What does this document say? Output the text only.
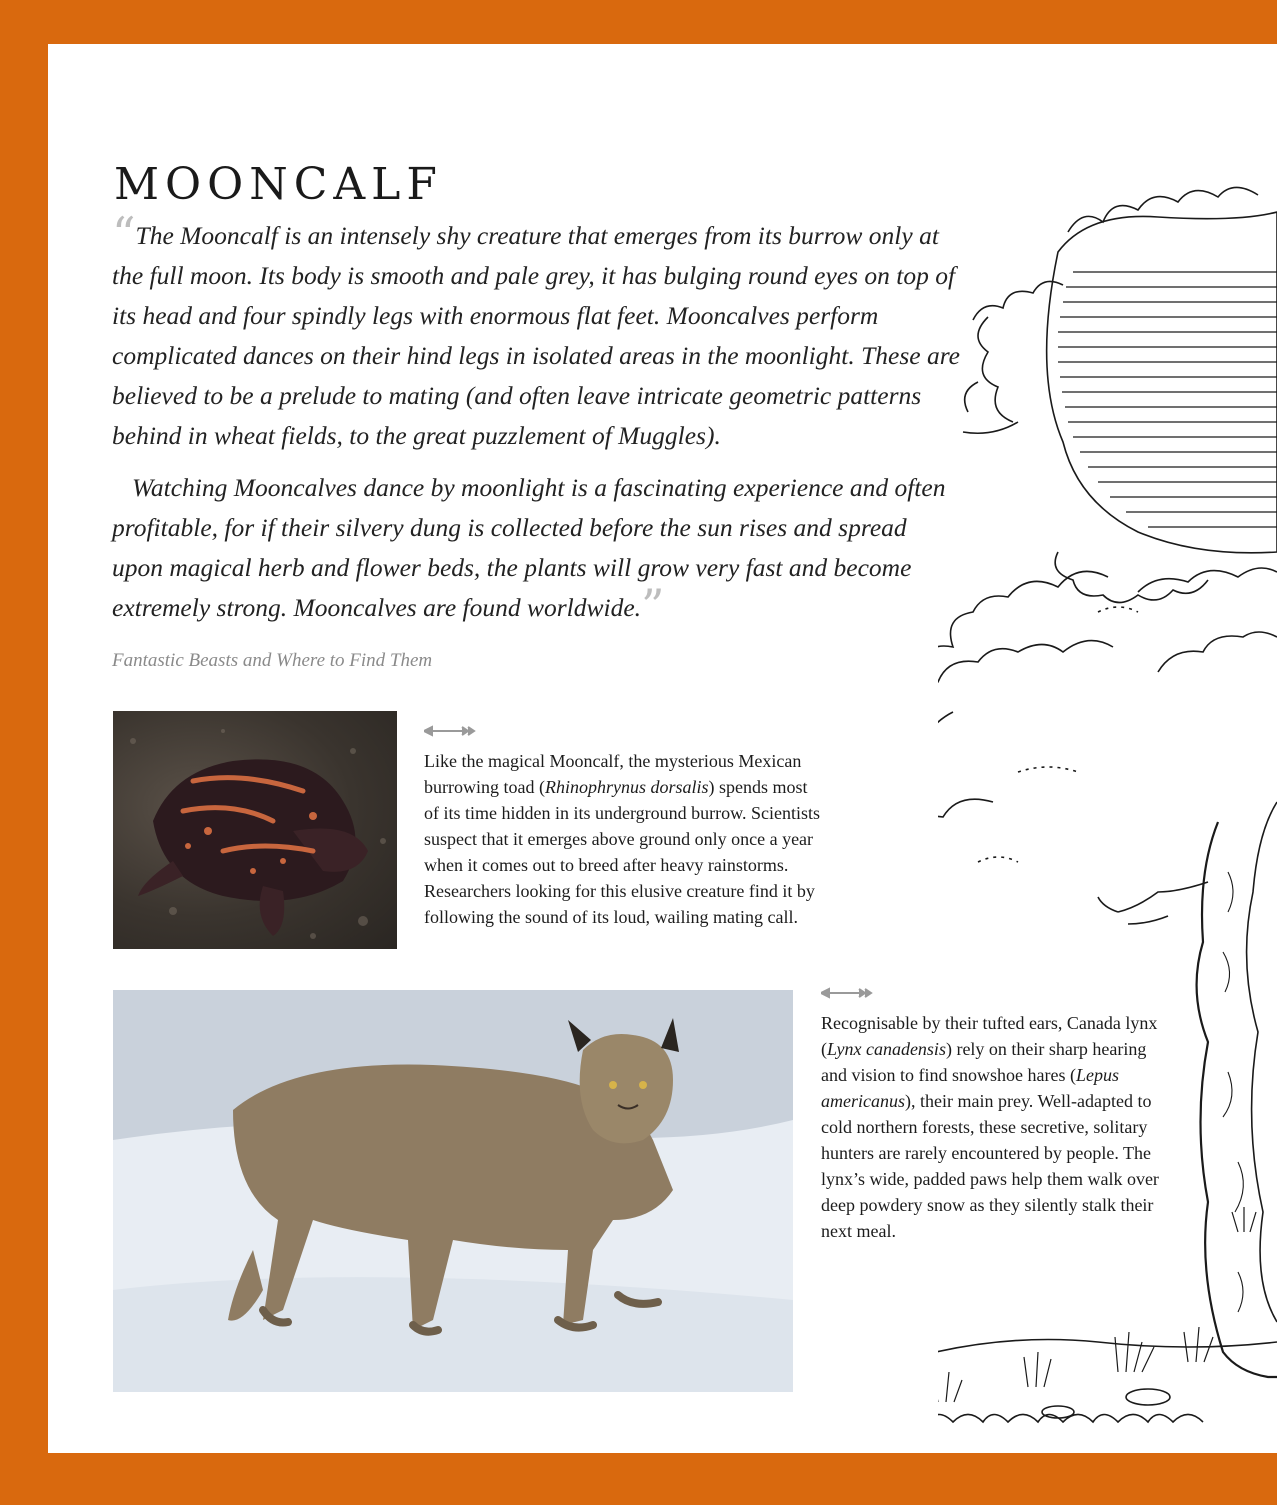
MOONCALF

“The Mooncalf is an intensely shy creature that emerges from its burrow only at the full moon. Its body is smooth and pale grey, it has bulging round eyes on top of its head and four spindly legs with enormous flat feet. Mooncalves perform complicated dances on their hind legs in isolated areas in the moonlight. These are believed to be a prelude to mating (and often leave intricate geometric patterns behind in wheat fields, to the great puzzlement of Muggles).

Watching Mooncalves dance by moonlight is a fascinating experience and often profitable, for if their silvery dung is collected before the sun rises and spread upon magical herb and flower beds, the plants will grow very fast and become extremely strong. Mooncalves are found worldwide.”

Fantastic Beasts and Where to Find Them
Like the magical Mooncalf, the mysterious Mexican burrowing toad (Rhinophrynus dorsalis) spends most of its time hidden in its underground burrow. Scientists suspect that it emerges above ground only once a year when it comes out to breed after heavy rainstorms. Researchers looking for this elusive creature find it by following the sound of its loud, wailing mating call.
Recognisable by their tufted ears, Canada lynx (Lynx canadensis) rely on their sharp hearing and vision to find snowshoe hares (Lepus americanus), their main prey. Well-adapted to cold northern forests, these secretive, solitary hunters are rarely encountered by people. The lynx’s wide, padded paws help them walk over deep powdery snow as they silently stalk their next meal.
